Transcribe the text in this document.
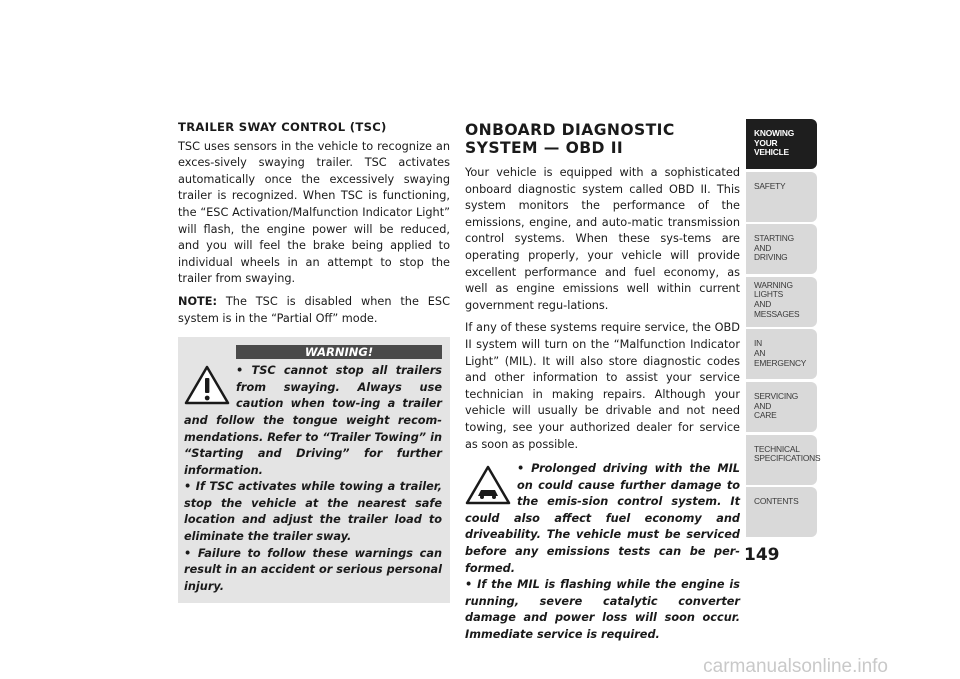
TRAILER SWAY CONTROL (TSC)

TSC uses sensors in the vehicle to recognize an exces-sively swaying trailer. TSC activates automatically once the excessively swaying trailer is recognized. When TSC is functioning, the “ESC Activation/Malfunction Indicator Light” will flash, the engine power will be reduced, and you will feel the brake being applied to individual wheels in an attempt to stop the trailer from swaying.

NOTE: The TSC is disabled when the ESC system is in the “Partial Off” mode.

WARNING!

• TSC cannot stop all trailers from swaying. Always use caution when tow-ing a trailer and follow the tongue weight recom-mendations. Refer to “Trailer Towing” in “Starting and Driving” for further information.

• If TSC activates while towing a trailer, stop the vehicle at the nearest safe location and adjust the trailer load to eliminate the trailer sway.

• Failure to follow these warnings can result in an accident or serious personal injury.

ONBOARD DIAGNOSTIC SYSTEM — OBD II

Your vehicle is equipped with a sophisticated onboard diagnostic system called OBD II. This system monitors the performance of the emissions, engine, and auto-matic transmission control systems. When these sys-tems are operating properly, your vehicle will provide excellent performance and fuel economy, as well as engine emissions well within current government regu-lations.

If any of these systems require service, the OBD II system will turn on the “Malfunction Indicator Light” (MIL). It will also store diagnostic codes and other information to assist your service technician in making repairs. Although your vehicle will usually be drivable and not need towing, see your authorized dealer for service as soon as possible.

• Prolonged driving with the MIL on could cause further damage to the emis-sion control system. It could also affect fuel economy and driveability. The vehicle must be serviced before any emissions tests can be per-formed.

• If the MIL is flashing while the engine is running, severe catalytic converter damage and power loss will soon occur. Immediate service is required.

KNOWING YOUR VEHICLE
SAFETY
STARTING AND DRIVING
WARNING LIGHTS AND MESSAGES
IN AN EMERGENCY
SERVICING AND CARE
TECHNICAL SPECIFICATIONS
CONTENTS
149
carmanualsonline.info
